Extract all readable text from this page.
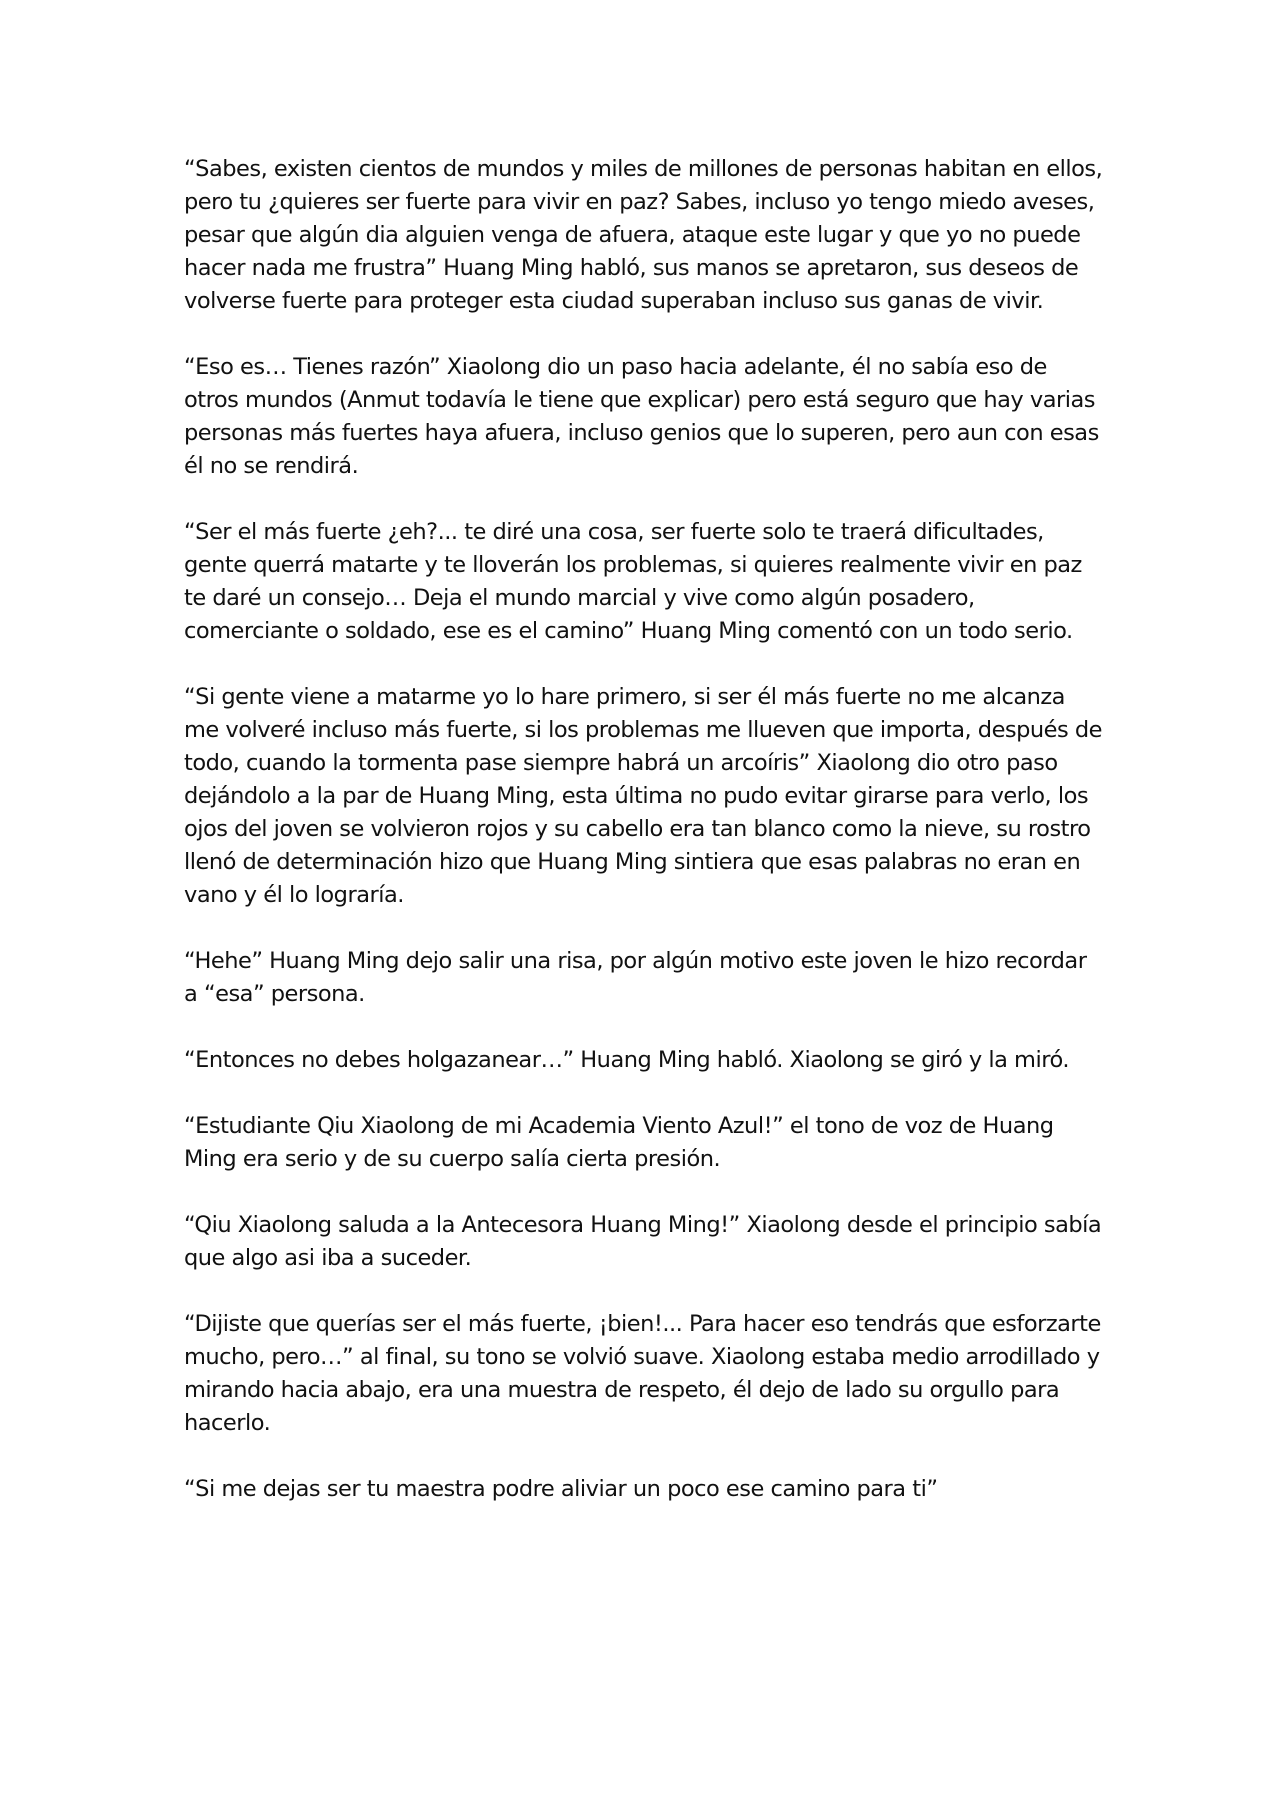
“Sabes, existen cientos de mundos y miles de millones de personas habitan en ellos, pero tu ¿quieres ser fuerte para vivir en paz? Sabes, incluso yo tengo miedo aveses, pesar que algún dia alguien venga de afuera, ataque este lugar y que yo no puede hacer nada me frustra” Huang Ming habló, sus manos se apretaron, sus deseos de volverse fuerte para proteger esta ciudad superaban incluso sus ganas de vivir.

“Eso es… Tienes razón” Xiaolong dio un paso hacia adelante, él no sabía eso de otros mundos (Anmut todavía le tiene que explicar) pero está seguro que hay varias personas más fuertes haya afuera, incluso genios que lo superen, pero aun con esas él no se rendirá.

“Ser el más fuerte ¿eh?... te diré una cosa, ser fuerte solo te traerá dificultades, gente querrá matarte y te lloverán los problemas, si quieres realmente vivir en paz te daré un consejo… Deja el mundo marcial y vive como algún posadero, comerciante o soldado, ese es el camino” Huang Ming comentó con un todo serio.

“Si gente viene a matarme yo lo hare primero, si ser él más fuerte no me alcanza me volveré incluso más fuerte, si los problemas me llueven que importa, después de todo, cuando la tormenta pase siempre habrá un arcoíris” Xiaolong dio otro paso dejándolo a la par de Huang Ming, esta última no pudo evitar girarse para verlo, los ojos del joven se volvieron rojos y su cabello era tan blanco como la nieve, su rostro llenó de determinación hizo que Huang Ming sintiera que esas palabras no eran en vano y él lo lograría.

“Hehe” Huang Ming dejo salir una risa, por algún motivo este joven le hizo recordar a “esa” persona.

“Entonces no debes holgazanear…” Huang Ming habló. Xiaolong se giró y la miró.

“Estudiante Qiu Xiaolong de mi Academia Viento Azul!” el tono de voz de Huang Ming era serio y de su cuerpo salía cierta presión.

“Qiu Xiaolong saluda a la Antecesora Huang Ming!” Xiaolong desde el principio sabía que algo asi iba a suceder.

“Dijiste que querías ser el más fuerte, ¡bien!... Para hacer eso tendrás que esforzarte mucho, pero…” al final, su tono se volvió suave. Xiaolong estaba medio arrodillado y mirando hacia abajo, era una muestra de respeto, él dejo de lado su orgullo para hacerlo.

“Si me dejas ser tu maestra podre aliviar un poco ese camino para ti”
